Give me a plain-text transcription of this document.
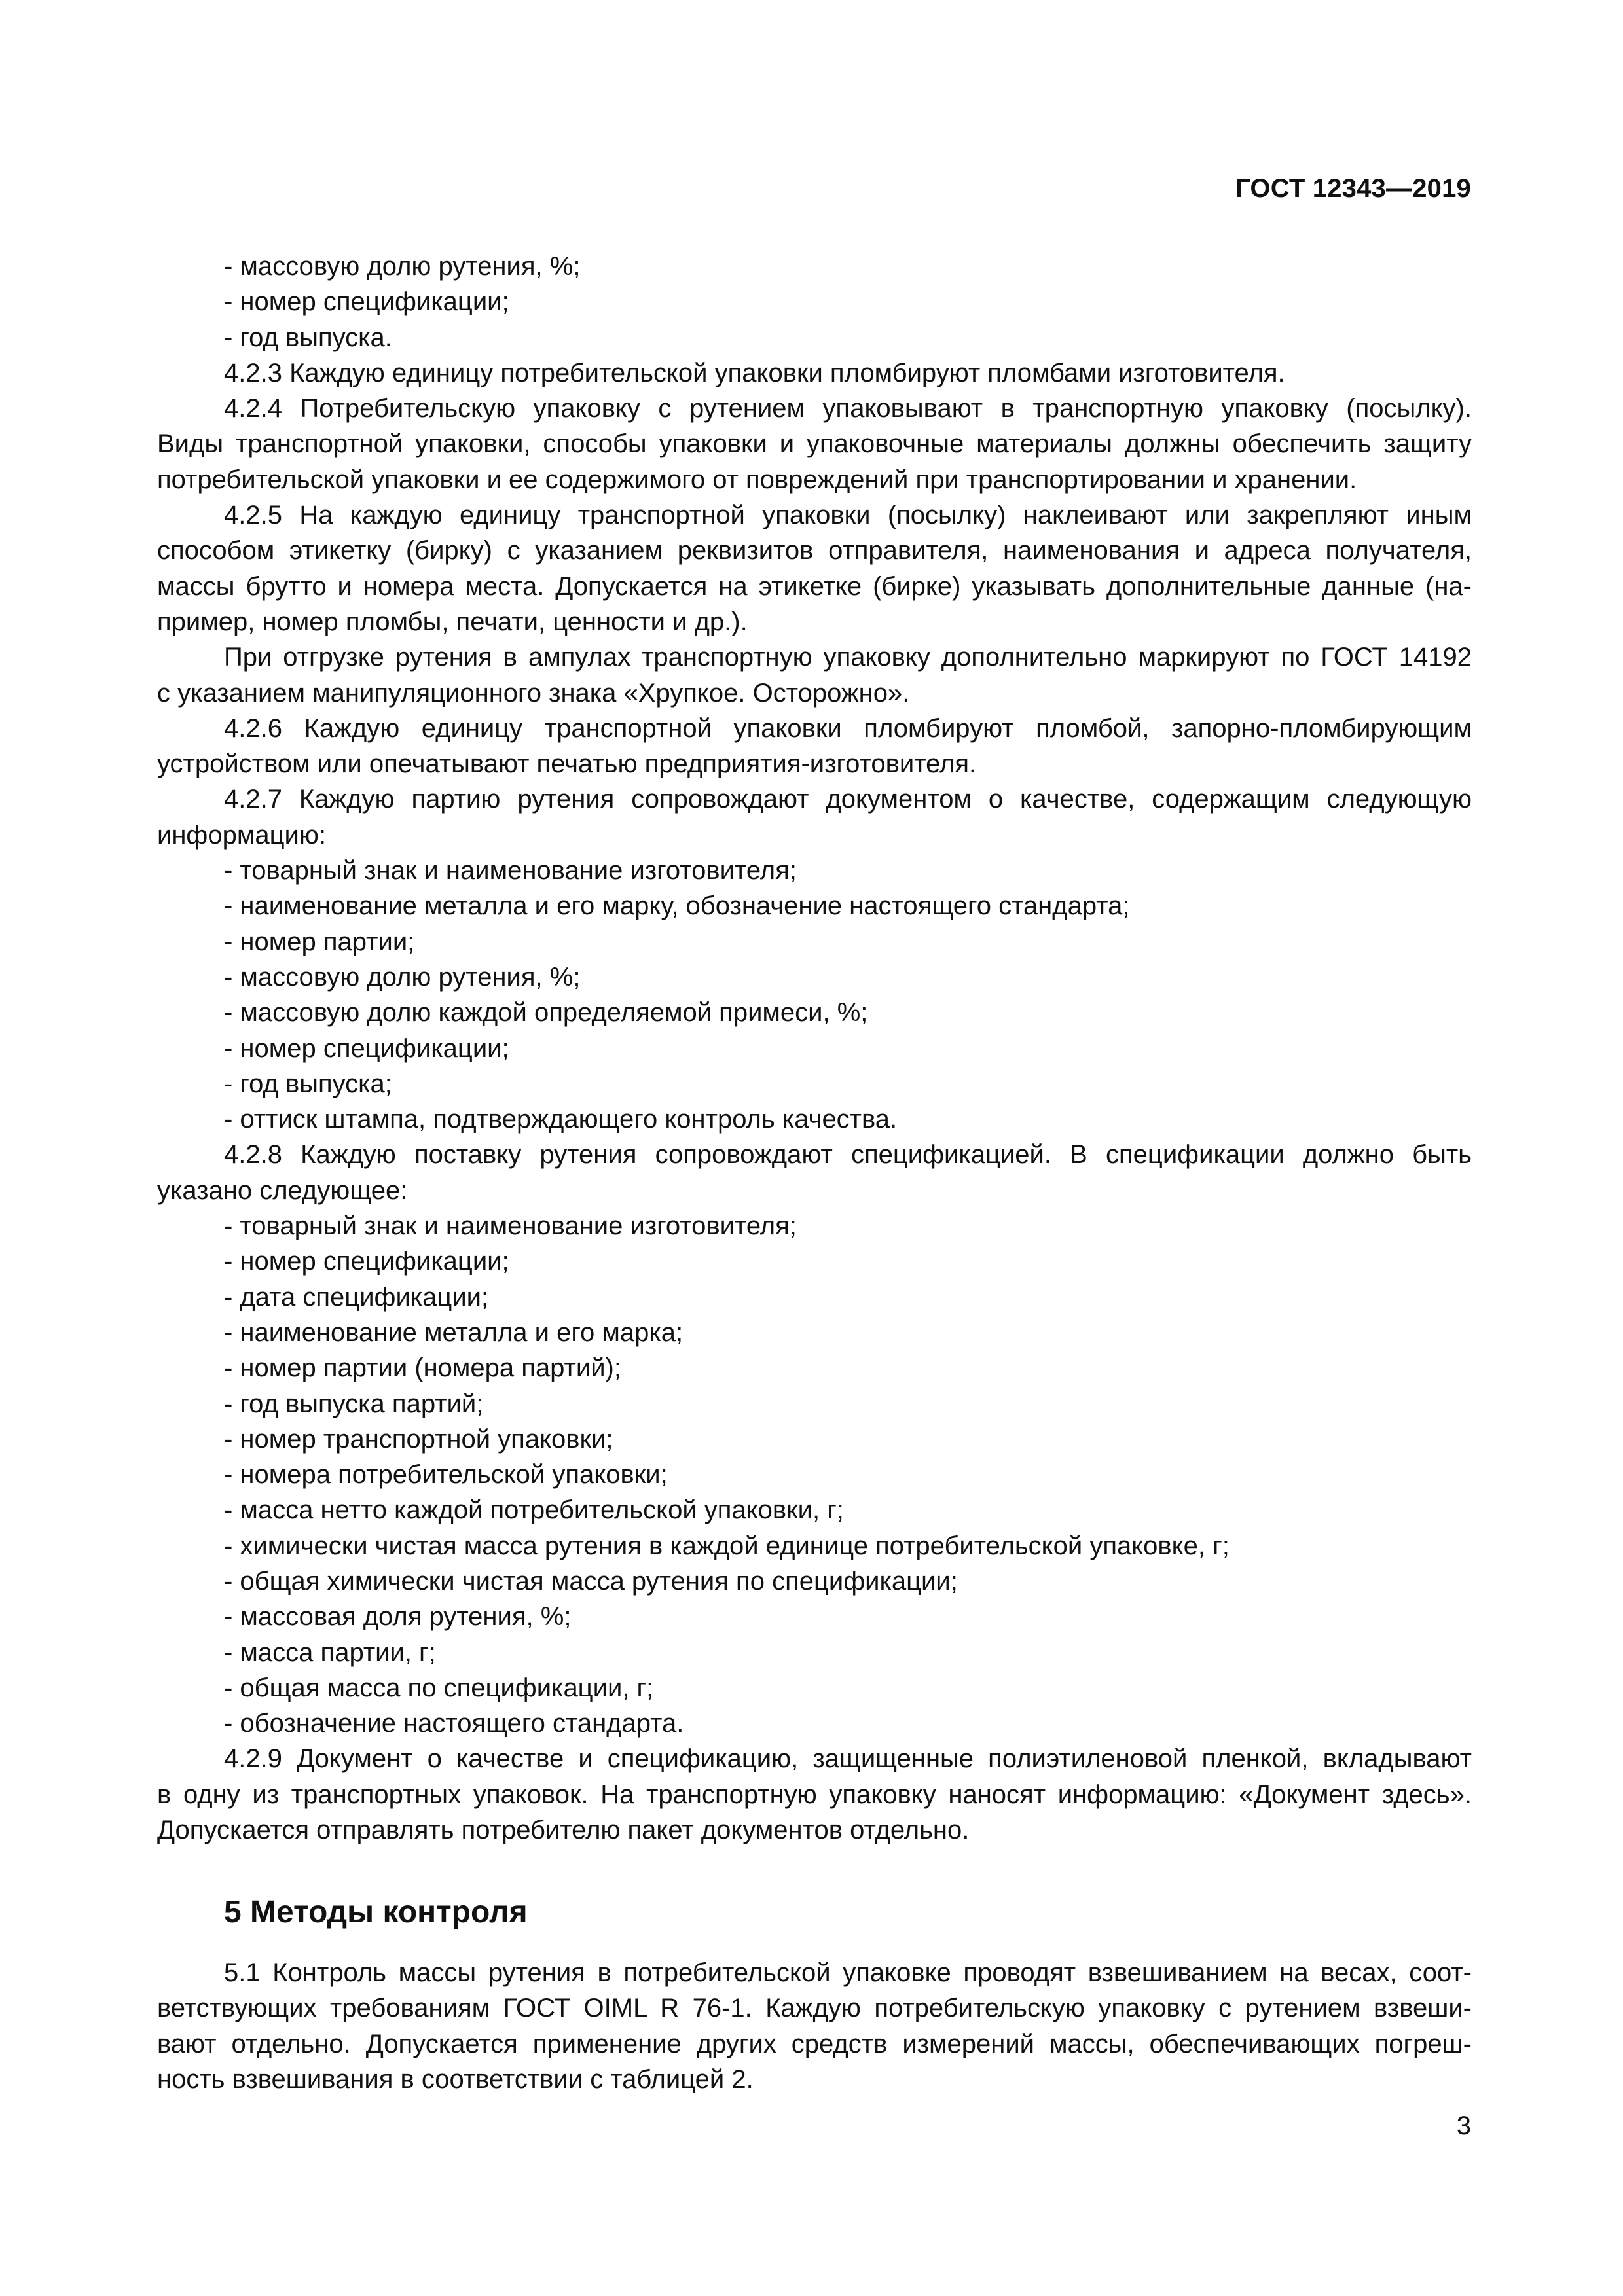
ГОСТ 12343—2019
- массовую долю рутения, %;
- номер спецификации;
- год выпуска.
4.2.3 Каждую единицу потребительской упаковки пломбируют пломбами изготовителя.
4.2.4 Потребительскую упаковку с рутением упаковывают в транспортную упаковку (посылку).
Виды транспортной упаковки, способы упаковки и упаковочные материалы должны обеспечить защиту
потребительской упаковки и ее содержимого от повреждений при транспортировании и хранении.
4.2.5 На каждую единицу транспортной упаковки (посылку) наклеивают или закрепляют иным
способом этикетку (бирку) с указанием реквизитов отправителя, наименования и адреса получателя,
массы брутто и номера места. Допускается на этикетке (бирке) указывать дополнительные данные (на-
пример, номер пломбы, печати, ценности и др.).
При отгрузке рутения в ампулах транспортную упаковку дополнительно маркируют по ГОСТ 14192
с указанием манипуляционного знака «Хрупкое. Осторожно».
4.2.6 Каждую единицу транспортной упаковки пломбируют пломбой, запорно-пломбирующим
устройством или опечатывают печатью предприятия-изготовителя.
4.2.7 Каждую партию рутения сопровождают документом о качестве, содержащим следующую
информацию:
- товарный знак и наименование изготовителя;
- наименование металла и его марку, обозначение настоящего стандарта;
- номер партии;
- массовую долю рутения, %;
- массовую долю каждой определяемой примеси, %;
- номер спецификации;
- год выпуска;
- оттиск штампа, подтверждающего контроль качества.
4.2.8 Каждую поставку рутения сопровождают спецификацией. В спецификации должно быть
указано следующее:
- товарный знак и наименование изготовителя;
- номер спецификации;
- дата спецификации;
- наименование металла и его марка;
- номер партии (номера партий);
- год выпуска партий;
- номер транспортной упаковки;
- номера потребительской упаковки;
- масса нетто каждой потребительской упаковки, г;
- химически чистая масса рутения в каждой единице потребительской упаковке, г;
- общая химически чистая масса рутения по спецификации;
- массовая доля рутения, %;
- масса партии, г;
- общая масса по спецификации, г;
- обозначение настоящего стандарта.
4.2.9 Документ о качестве и спецификацию, защищенные полиэтиленовой пленкой, вкладывают
в одну из транспортных упаковок. На транспортную упаковку наносят информацию: «Документ здесь».
Допускается отправлять потребителю пакет документов отдельно.
5 Методы контроля
5.1 Контроль массы рутения в потребительской упаковке проводят взвешиванием на весах, соот-
ветствующих требованиям ГОСТ OIML R 76-1. Каждую потребительскую упаковку с рутением взвеши-
вают отдельно. Допускается применение других средств измерений массы, обеспечивающих погреш-
ность взвешивания в соответствии с таблицей 2.
3
